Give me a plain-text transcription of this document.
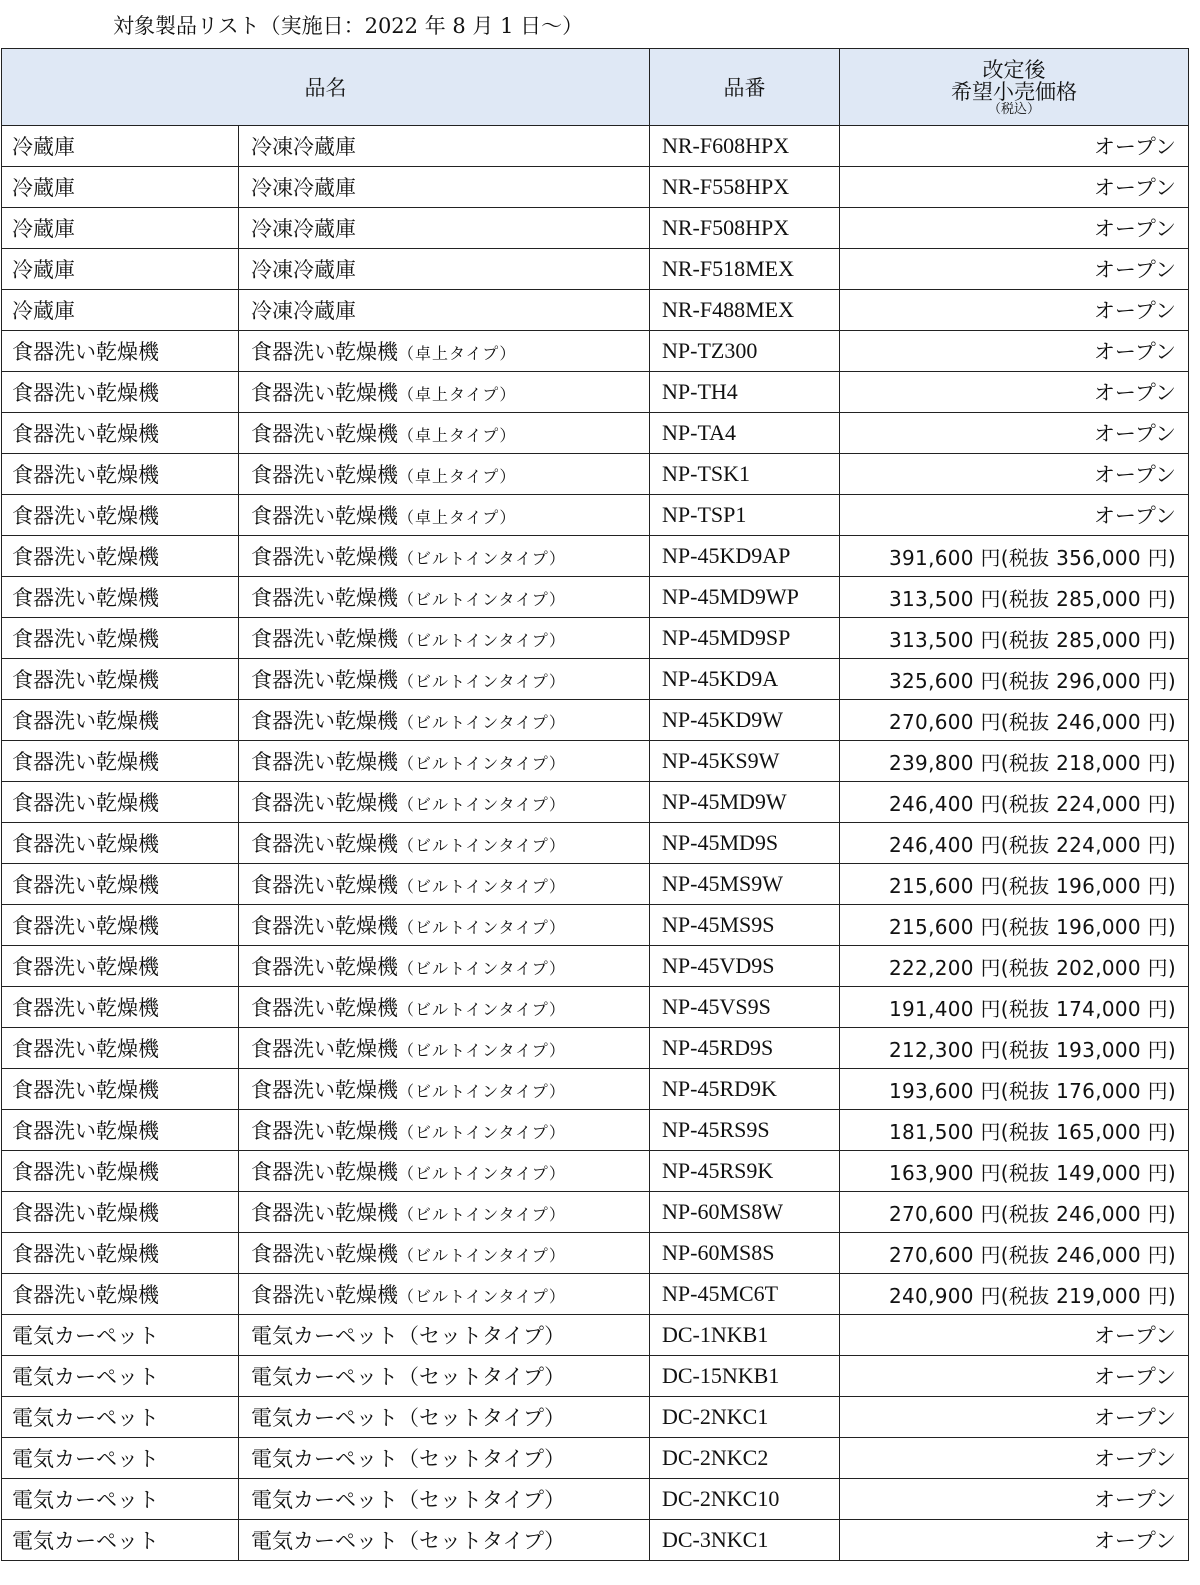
対象製品リスト（実施日：2022 年 8 月 1 日〜）
品名		品番	改定後
希望小売価格
（税込）

冷蔵庫	冷凍冷蔵庫	NR-F608HPX	オープン
冷蔵庫	冷凍冷蔵庫	NR-F558HPX	オープン
冷蔵庫	冷凍冷蔵庫	NR-F508HPX	オープン
冷蔵庫	冷凍冷蔵庫	NR-F518MEX	オープン
冷蔵庫	冷凍冷蔵庫	NR-F488MEX	オープン
食器洗い乾燥機	食器洗い乾燥機（卓上タイプ）	NP-TZ300	オープン
食器洗い乾燥機	食器洗い乾燥機（卓上タイプ）	NP-TH4	オープン
食器洗い乾燥機	食器洗い乾燥機（卓上タイプ）	NP-TA4	オープン
食器洗い乾燥機	食器洗い乾燥機（卓上タイプ）	NP-TSK1	オープン
食器洗い乾燥機	食器洗い乾燥機（卓上タイプ）	NP-TSP1	オープン
食器洗い乾燥機	食器洗い乾燥機（ビルトインタイプ）	NP-45KD9AP	391,600 円(税抜 356,000 円)
食器洗い乾燥機	食器洗い乾燥機（ビルトインタイプ）	NP-45MD9WP	313,500 円(税抜 285,000 円)
食器洗い乾燥機	食器洗い乾燥機（ビルトインタイプ）	NP-45MD9SP	313,500 円(税抜 285,000 円)
食器洗い乾燥機	食器洗い乾燥機（ビルトインタイプ）	NP-45KD9A	325,600 円(税抜 296,000 円)
食器洗い乾燥機	食器洗い乾燥機（ビルトインタイプ）	NP-45KD9W	270,600 円(税抜 246,000 円)
食器洗い乾燥機	食器洗い乾燥機（ビルトインタイプ）	NP-45KS9W	239,800 円(税抜 218,000 円)
食器洗い乾燥機	食器洗い乾燥機（ビルトインタイプ）	NP-45MD9W	246,400 円(税抜 224,000 円)
食器洗い乾燥機	食器洗い乾燥機（ビルトインタイプ）	NP-45MD9S	246,400 円(税抜 224,000 円)
食器洗い乾燥機	食器洗い乾燥機（ビルトインタイプ）	NP-45MS9W	215,600 円(税抜 196,000 円)
食器洗い乾燥機	食器洗い乾燥機（ビルトインタイプ）	NP-45MS9S	215,600 円(税抜 196,000 円)
食器洗い乾燥機	食器洗い乾燥機（ビルトインタイプ）	NP-45VD9S	222,200 円(税抜 202,000 円)
食器洗い乾燥機	食器洗い乾燥機（ビルトインタイプ）	NP-45VS9S	191,400 円(税抜 174,000 円)
食器洗い乾燥機	食器洗い乾燥機（ビルトインタイプ）	NP-45RD9S	212,300 円(税抜 193,000 円)
食器洗い乾燥機	食器洗い乾燥機（ビルトインタイプ）	NP-45RD9K	193,600 円(税抜 176,000 円)
食器洗い乾燥機	食器洗い乾燥機（ビルトインタイプ）	NP-45RS9S	181,500 円(税抜 165,000 円)
食器洗い乾燥機	食器洗い乾燥機（ビルトインタイプ）	NP-45RS9K	163,900 円(税抜 149,000 円)
食器洗い乾燥機	食器洗い乾燥機（ビルトインタイプ）	NP-60MS8W	270,600 円(税抜 246,000 円)
食器洗い乾燥機	食器洗い乾燥機（ビルトインタイプ）	NP-60MS8S	270,600 円(税抜 246,000 円)
食器洗い乾燥機	食器洗い乾燥機（ビルトインタイプ）	NP-45MC6T	240,900 円(税抜 219,000 円)
電気カーペット	電気カーペット（セットタイプ）	DC-1NKB1	オープン
電気カーペット	電気カーペット（セットタイプ）	DC-15NKB1	オープン
電気カーペット	電気カーペット（セットタイプ）	DC-2NKC1	オープン
電気カーペット	電気カーペット（セットタイプ）	DC-2NKC2	オープン
電気カーペット	電気カーペット（セットタイプ）	DC-2NKC10	オープン
電気カーペット	電気カーペット（セットタイプ）	DC-3NKC1	オープン
